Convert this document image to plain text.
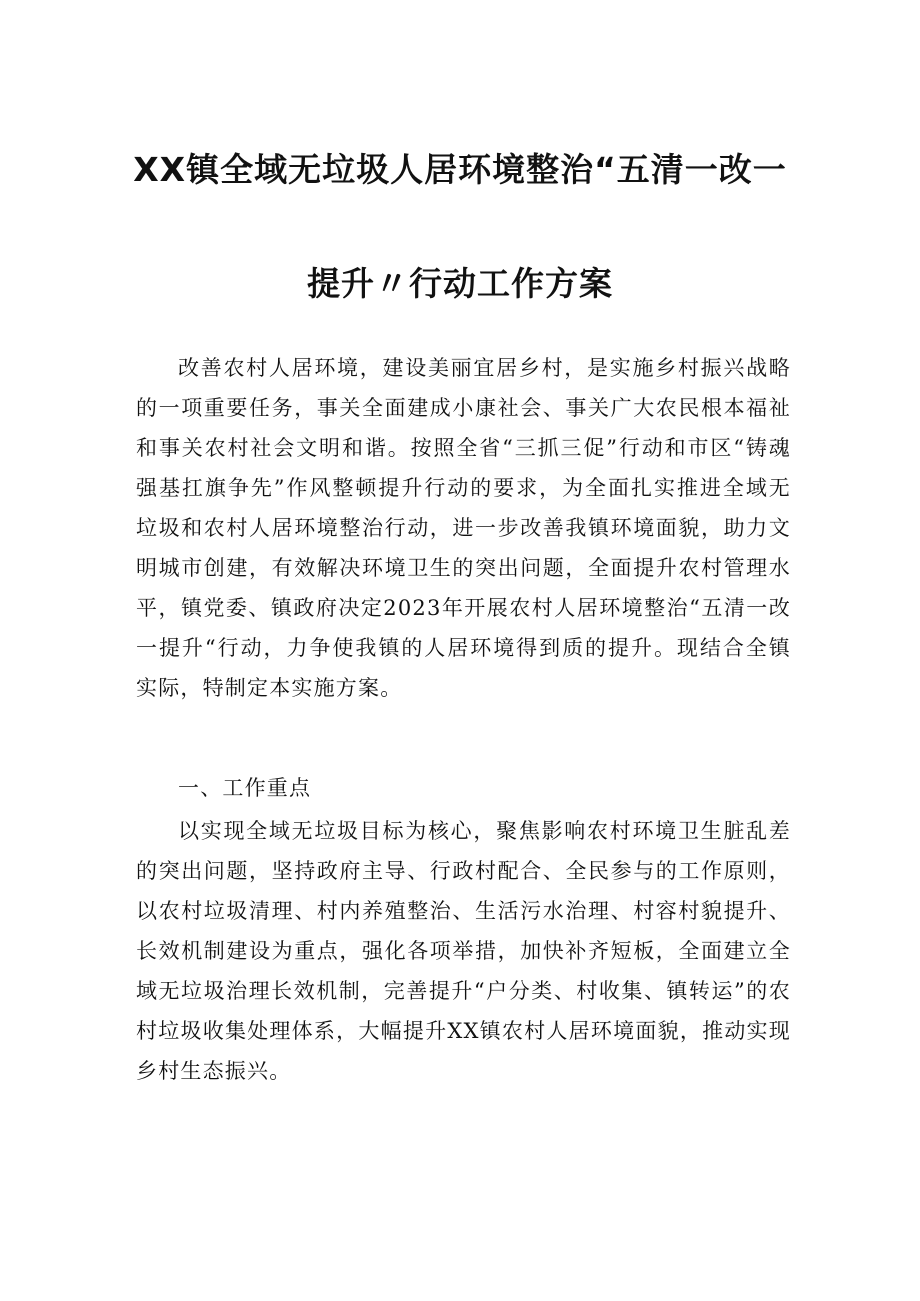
XX镇全域无垃圾人居环境整治“五清一改一
提升〃行动工作方案

改善农村人居环境，建设美丽宜居乡村，是实施乡村振兴战略的一项重要任务，事关全面建成小康社会、事关广大农民根本福祉和事关农村社会文明和谐。按照全省“三抓三促”行动和市区“铸魂强基扛旗争先”作风整顿提升行动的要求，为全面扎实推进全域无垃圾和农村人居环境整治行动，进一步改善我镇环境面貌，助力文明城市创建，有效解决环境卫生的突出问题，全面提升农村管理水平，镇党委、镇政府决定2023年开展农村人居环境整治“五清一改一提升“行动，力争使我镇的人居环境得到质的提升。现结合全镇实际，特制定本实施方案。

一、工作重点

以实现全域无垃圾目标为核心，聚焦影响农村环境卫生脏乱差的突出问题，坚持政府主导、行政村配合、全民参与的工作原则，以农村垃圾清理、村内养殖整治、生活污水治理、村容村貌提升、长效机制建设为重点，强化各项举措，加快补齐短板，全面建立全域无垃圾治理长效机制，完善提升“户分类、村收集、镇转运”的农村垃圾收集处理体系，大幅提升XX镇农村人居环境面貌，推动实现乡村生态振兴。
